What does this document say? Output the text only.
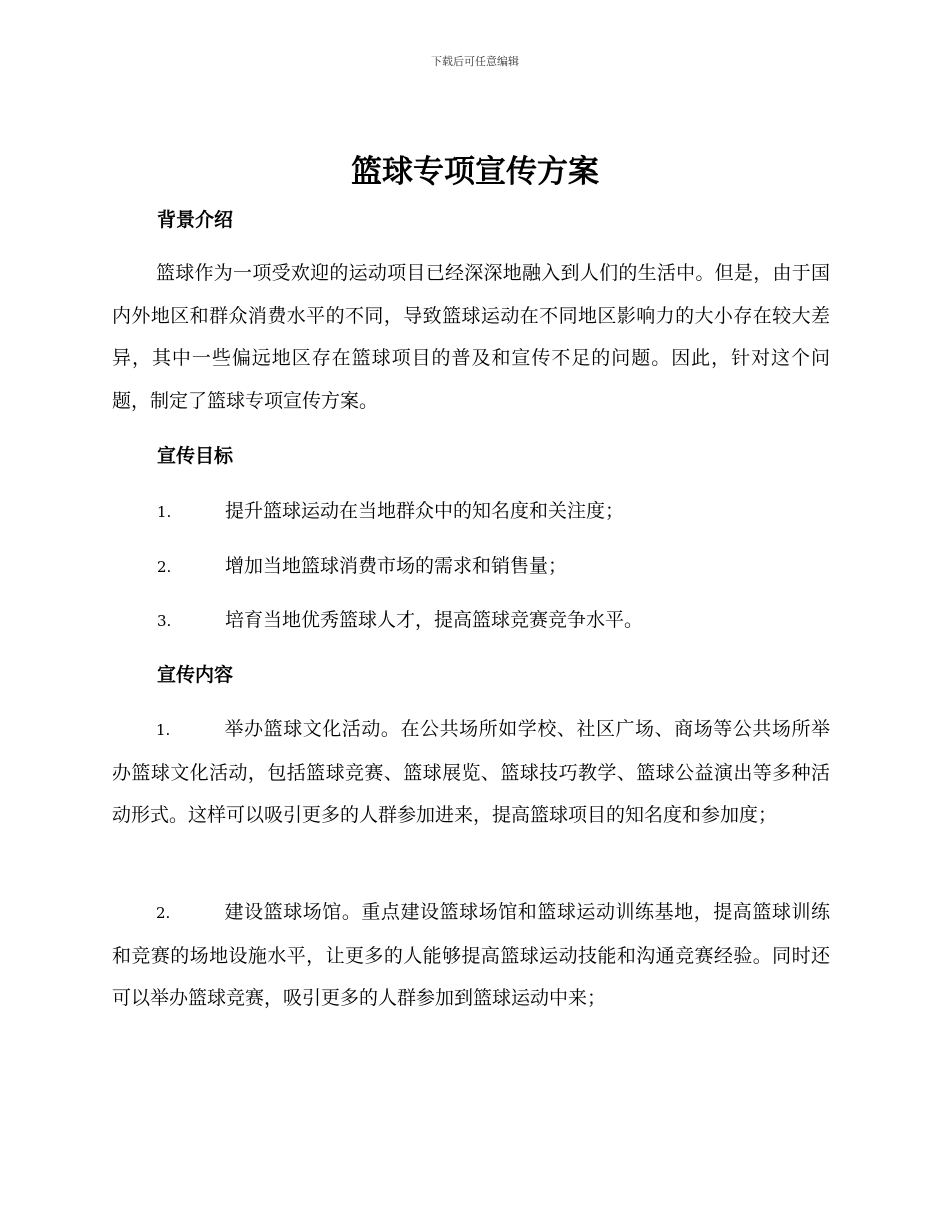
下载后可任意编辑
篮球专项宣传方案
背景介绍

篮球作为一项受欢迎的运动项目已经深深地融入到人们的生活中。但是，由于国内外地区和群众消费水平的不同，导致篮球运动在不同地区影响力的大小存在较大差异，其中一些偏远地区存在篮球项目的普及和宣传不足的问题。因此，针对这个问题，制定了篮球专项宣传方案。

宣传目标

1.	提升篮球运动在当地群众中的知名度和关注度；

2.	增加当地篮球消费市场的需求和销售量；

3.	培育当地优秀篮球人才，提高篮球竞赛竞争水平。

宣传内容

1.	举办篮球文化活动。在公共场所如学校、社区广场、商场等公共场所举办篮球文化活动，包括篮球竞赛、篮球展览、篮球技巧教学、篮球公益演出等多种活动形式。这样可以吸引更多的人群参加进来，提高篮球项目的知名度和参加度；

2.	建设篮球场馆。重点建设篮球场馆和篮球运动训练基地，提高篮球训练和竞赛的场地设施水平，让更多的人能够提高篮球运动技能和沟通竞赛经验。同时还可以举办篮球竞赛，吸引更多的人群参加到篮球运动中来；
